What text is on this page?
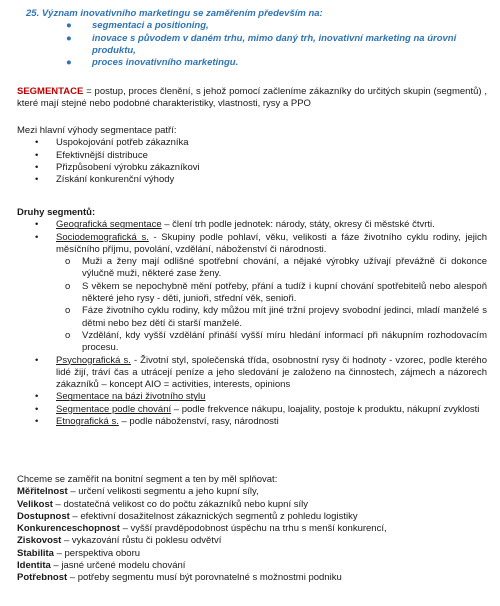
25. Význam inovativního marketingu se zaměřením především na:

● segmentaci a positioning,
● inovace s původem v daném trhu, mimo daný trh, inovativní marketing na úrovni produktu,
● proces inovativního marketingu.
SEGMENTACE = postup, proces členění, s jehož pomocí začleníme zákazníky do určitých skupin (segmentů) , které mají stejné nebo podobné charakteristiky, vlastnosti, rysy a PPO

Mezi hlavní výhody segmentace patří:

• Uspokojování potřeb zákazníka
• Efektivnější distribuce
• Přizpůsobení výrobku zákazníkovi
• Získání konkurenční výhody

Druhy segmentů:

• Geografická segmentace – člení trh podle jednotek: národy, státy, okresy či městské čtvrti.
• Sociodemografická s. - Skupiny podle pohlaví, věku, velikosti a fáze životního cyklu rodiny, jejich měsíčního příjmu, povolání, vzdělání, náboženství či národnosti.
o Muži a ženy mají odlišné spotřební chování, a nějaké výrobky užívají převážně či dokonce výlučně muži, některé zase ženy.
o S věkem se nepochybně mění potřeby, přání a tudíž i kupní chování spotřebitelů nebo alespoň některé jeho rysy - děti, junioři, střední věk, senioři.
o Fáze životního cyklu rodiny, kdy můžou mít jiné tržní projevy svobodní jedinci, mladí manželé s dětmi nebo bez dětí či starší manželé.
o Vzdělání, kdy vyšší vzdělání přináší vyšší míru hledání informací při nákupním rozhodovacím procesu.
• Psychografická s. - Životní styl, společenská třída, osobnostní rysy či hodnoty - vzorec, podle kterého lidé žijí, tráví čas a utrácejí peníze a jeho sledování je založeno na činnostech, zájmech a názorech zákazníků – koncept AIO = activities, interests, opinions
• Segmentace na bázi životního stylu
• Segmentace podle chování – podle frekvence nákupu, loajality, postoje k produktu, nákupní zvyklosti
• Etnografická s. – podle náboženství, rasy, národnosti

Chceme se zaměřit na bonitní segment a ten by měl splňovat:

Měřitelnost – určení velikosti segmentu a jeho kupní síly,

Velikost – dostatečná velikost co do počtu zákazníků nebo kupní síly

Dostupnost – efektivní dosažitelnost zákaznických segmentů z pohledu logistiky

Konkurenceschopnost – vyšší pravděpodobnost úspěchu na trhu s menší konkurencí,

Ziskovost – vykazování růstu či poklesu odvětví

Stabilita – perspektiva oboru

Identita – jasné určené modelu chování

Potřebnost – potřeby segmentu musí být porovnatelné s možnostmi podniku
